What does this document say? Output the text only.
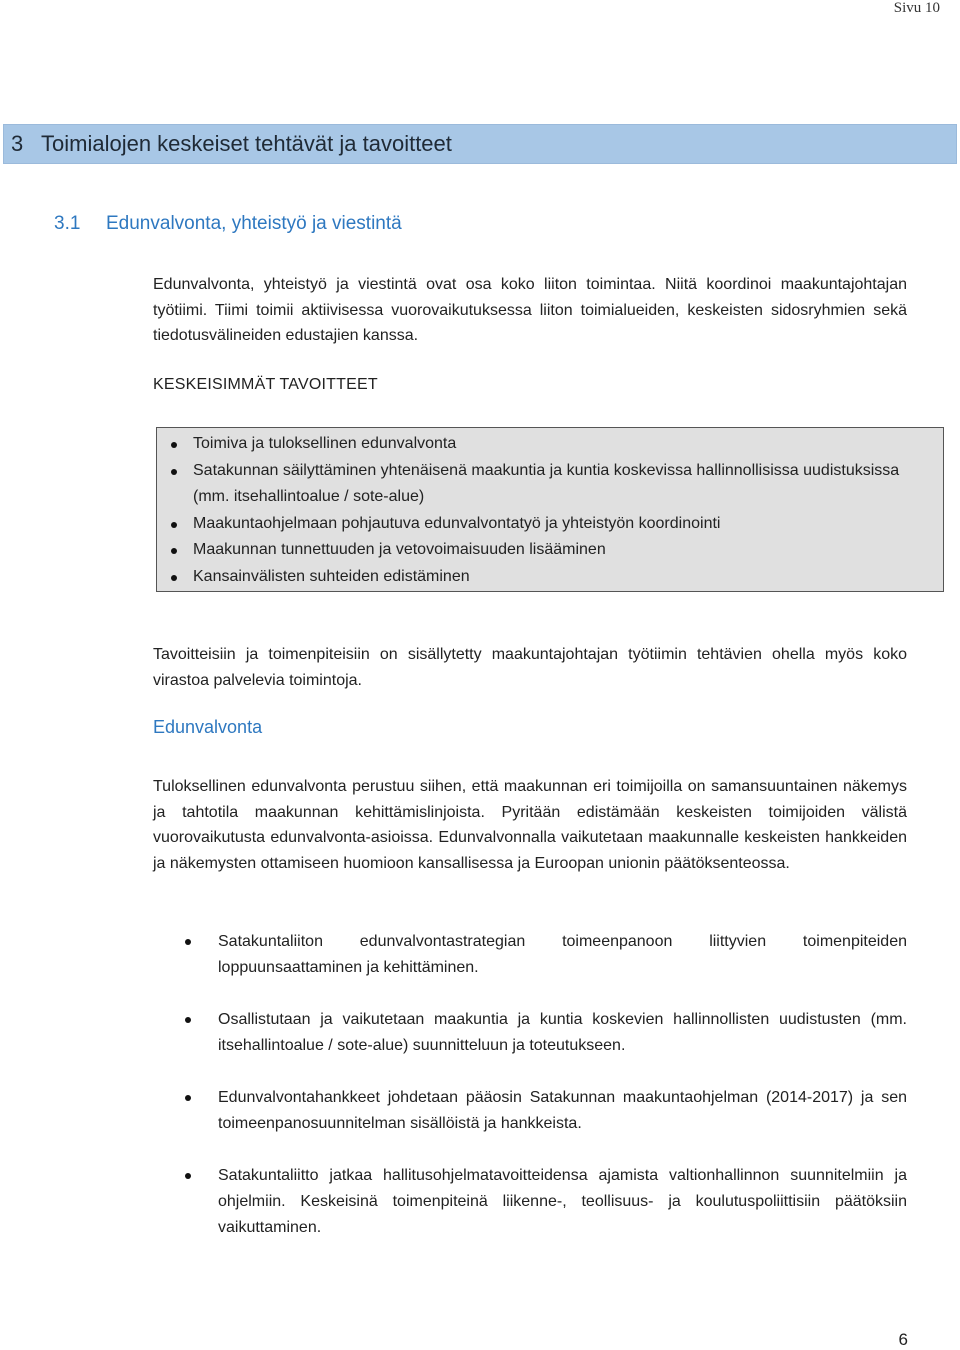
Sivu 10
3 Toimialojen keskeiset tehtävät ja tavoitteet
3.1 Edunvalvonta, yhteistyö ja viestintä
Edunvalvonta, yhteistyö ja viestintä ovat osa koko liiton toimintaa. Niitä koordinoi maakuntajohtajan työtiimi. Tiimi toimii aktiivisessa vuorovaikutuksessa liiton toimialueiden, keskeisten sidosryhmien sekä tiedotusvälineiden edustajien kanssa.
KESKEISIMMÄT TAVOITTEET
Toimiva ja tuloksellinen edunvalvonta
Satakunnan säilyttäminen yhtenäisenä maakuntia ja kuntia koskevissa hallinnollisissa uudistuksissa (mm. itsehallintoalue / sote-alue)
Maakuntaohjelmaan pohjautuva edunvalvontatyö ja yhteistyön koordinointi
Maakunnan tunnettuuden ja vetovoimaisuuden lisääminen
Kansainvälisten suhteiden edistäminen
Tavoitteisiin ja toimenpiteisiin on sisällytetty maakuntajohtajan työtiimin tehtävien ohella myös koko virastoa palvelevia toimintoja.
Edunvalvonta
Tuloksellinen edunvalvonta perustuu siihen, että maakunnan eri toimijoilla on samansuuntainen näkemys ja tahtotila maakunnan kehittämislinjoista. Pyritään edistämään keskeisten toimijoiden välistä vuorovaikutusta edunvalvonta-asioissa. Edunvalvonnalla vaikutetaan maakunnalle keskeisten hankkeiden ja näkemysten ottamiseen huomioon kansallisessa ja Euroopan unionin päätöksenteossa.
Satakuntaliiton edunvalvontastrategian toimeenpanoon liittyvien toimenpiteiden loppuunsaattaminen ja kehittäminen.
Osallistutaan ja vaikutetaan maakuntia ja kuntia koskevien hallinnollisten uudistusten (mm. itsehallintoalue / sote-alue) suunnitteluun ja toteutukseen.
Edunvalvontahankkeet johdetaan pääosin Satakunnan maakuntaohjelman (2014-2017) ja sen toimeenpanosuunnitelman sisällöistä ja hankkeista.
Satakuntaliitto jatkaa hallitusohjelmatavoitteidensa ajamista valtionhallinnon suunnitelmiin ja ohjelmiin. Keskeisinä toimenpiteinä liikenne-, teollisuus- ja koulutuspoliittisiin päätöksiin vaikuttaminen.
6
